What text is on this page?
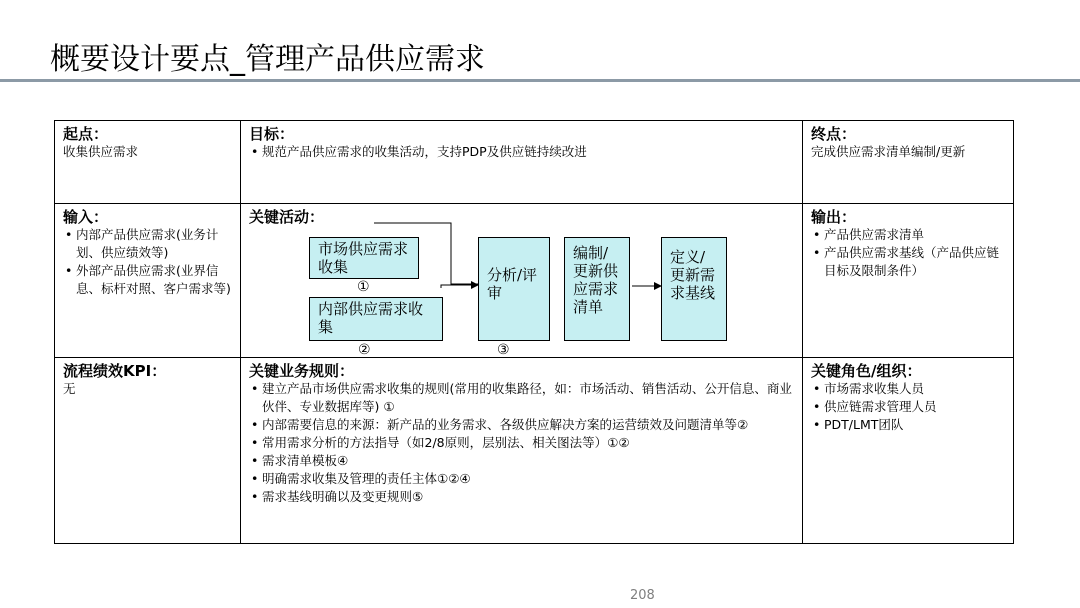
概要设计要点_管理产品供应需求
起点：
收集供应需求
目标：
• 规范产品供应需求的收集活动，支持PDP及供应链持续改进
终点：
完成供应需求清单编制/更新
输入：
• 内部产品供应需求(业务计划、供应绩效等)
• 外部产品供应需求(业界信息、标杆对照、客户需求等)
关键活动：
市场供应需求收集
①
内部供应需求收集
②
分析/评审
③
编制/更新供应需求清单
定义/更新需求基线
输出：
• 产品供应需求清单
• 产品供应需求基线（产品供应链目标及限制条件）
流程绩效KPI：
无
关键业务规则：
• 建立产品市场供应需求收集的规则(常用的收集路径，如：市场活动、销售活动、公开信息、商业伙伴、专业数据库等) ①
• 内部需要信息的来源：新产品的业务需求、各级供应解决方案的运营绩效及问题清单等②
• 常用需求分析的方法指导（如2/8原则，层别法、相关图法等）①②
• 需求清单模板④
• 明确需求收集及管理的责任主体①②④
• 需求基线明确以及变更规则⑤
关键角色/组织：
• 市场需求收集人员
• 供应链需求管理人员
• PDT/LMT团队
208
